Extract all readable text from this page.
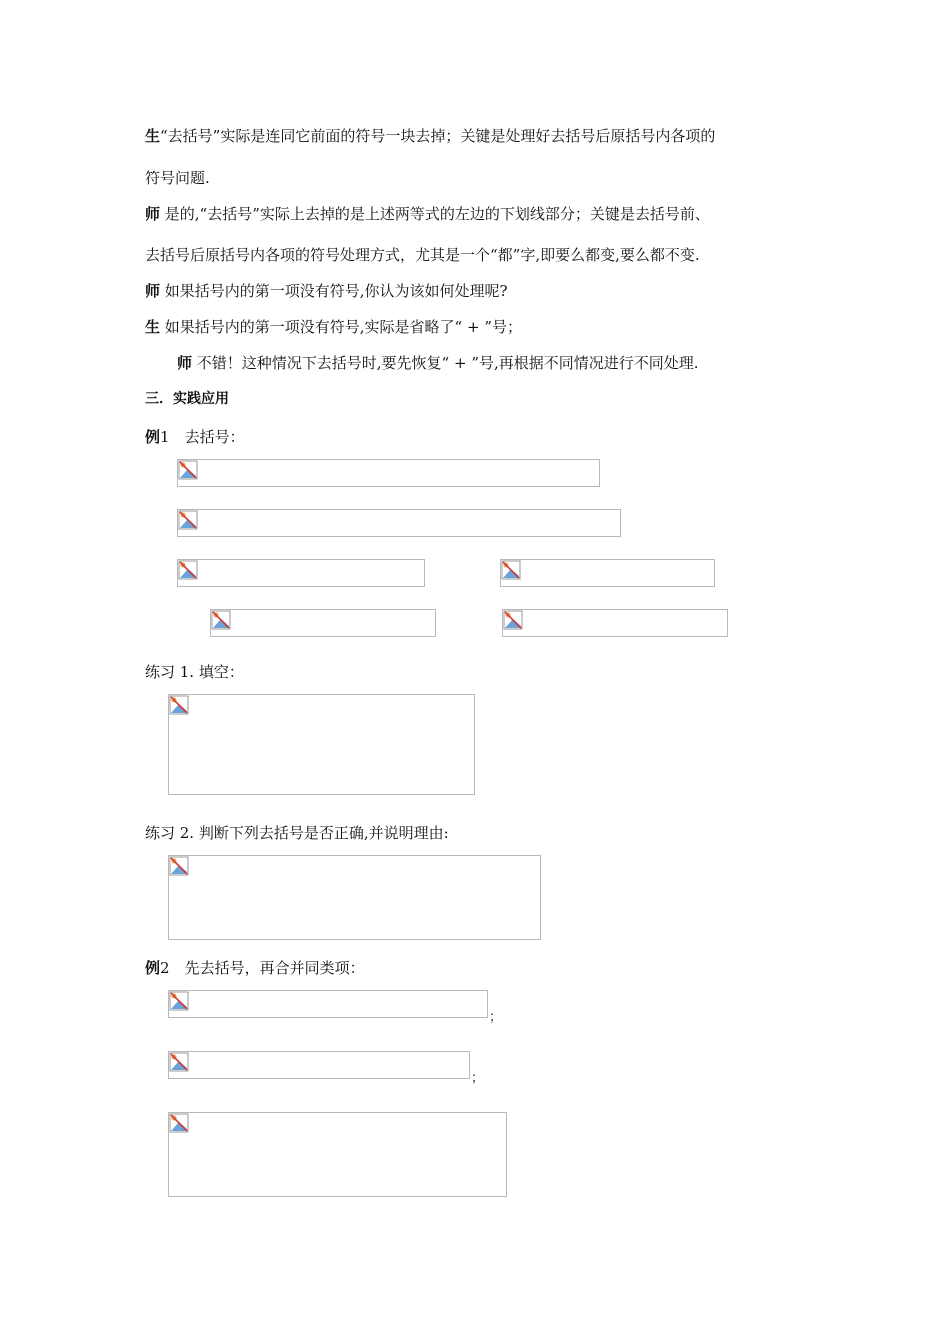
生“去括号”实际是连同它前面的符号一块去掉；关键是处理好去括号后原括号内各项的
符号问题.
师 是的,“去括号”实际上去掉的是上述两等式的左边的下划线部分；关键是去括号前、
去括号后原括号内各项的符号处理方式，尤其是一个“都”字,即要么都变,要么都不变.
师 如果括号内的第一项没有符号,你认为该如何处理呢?
生 如果括号内的第一项没有符号,实际是省略了“ + ”号；
师 不错！这种情况下去括号时,要先恢复“ + ”号,再根据不同情况进行不同处理.
三．实践应用
例1　去括号：
练习 1. 填空：
练习 2. 判断下列去括号是否正确,并说明理由:
例2　先去括号，再合并同类项：
；
；
